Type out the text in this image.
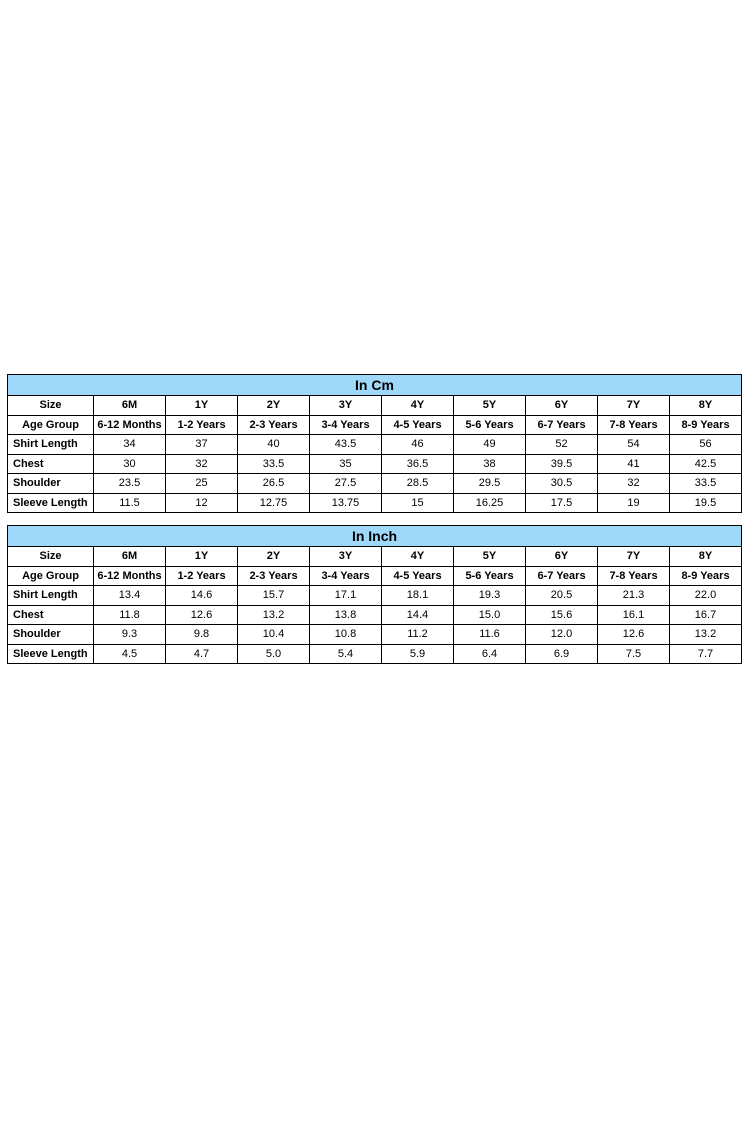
In Cm									
Size	6M	1Y	2Y	3Y	4Y	5Y	6Y	7Y	8Y
Age Group	6-12 Months	1-2 Years	2-3 Years	3-4 Years	4-5 Years	5-6 Years	6-7 Years	7-8 Years	8-9 Years
Shirt Length	34	37	40	43.5	46	49	52	54	56
Chest	30	32	33.5	35	36.5	38	39.5	41	42.5
Shoulder	23.5	25	26.5	27.5	28.5	29.5	30.5	32	33.5
Sleeve Length	11.5	12	12.75	13.75	15	16.25	17.5	19	19.5
In Inch									
Size	6M	1Y	2Y	3Y	4Y	5Y	6Y	7Y	8Y
Age Group	6-12 Months	1-2 Years	2-3 Years	3-4 Years	4-5 Years	5-6 Years	6-7 Years	7-8 Years	8-9 Years
Shirt Length	13.4	14.6	15.7	17.1	18.1	19.3	20.5	21.3	22.0
Chest	11.8	12.6	13.2	13.8	14.4	15.0	15.6	16.1	16.7
Shoulder	9.3	9.8	10.4	10.8	11.2	11.6	12.0	12.6	13.2
Sleeve Length	4.5	4.7	5.0	5.4	5.9	6.4	6.9	7.5	7.7
